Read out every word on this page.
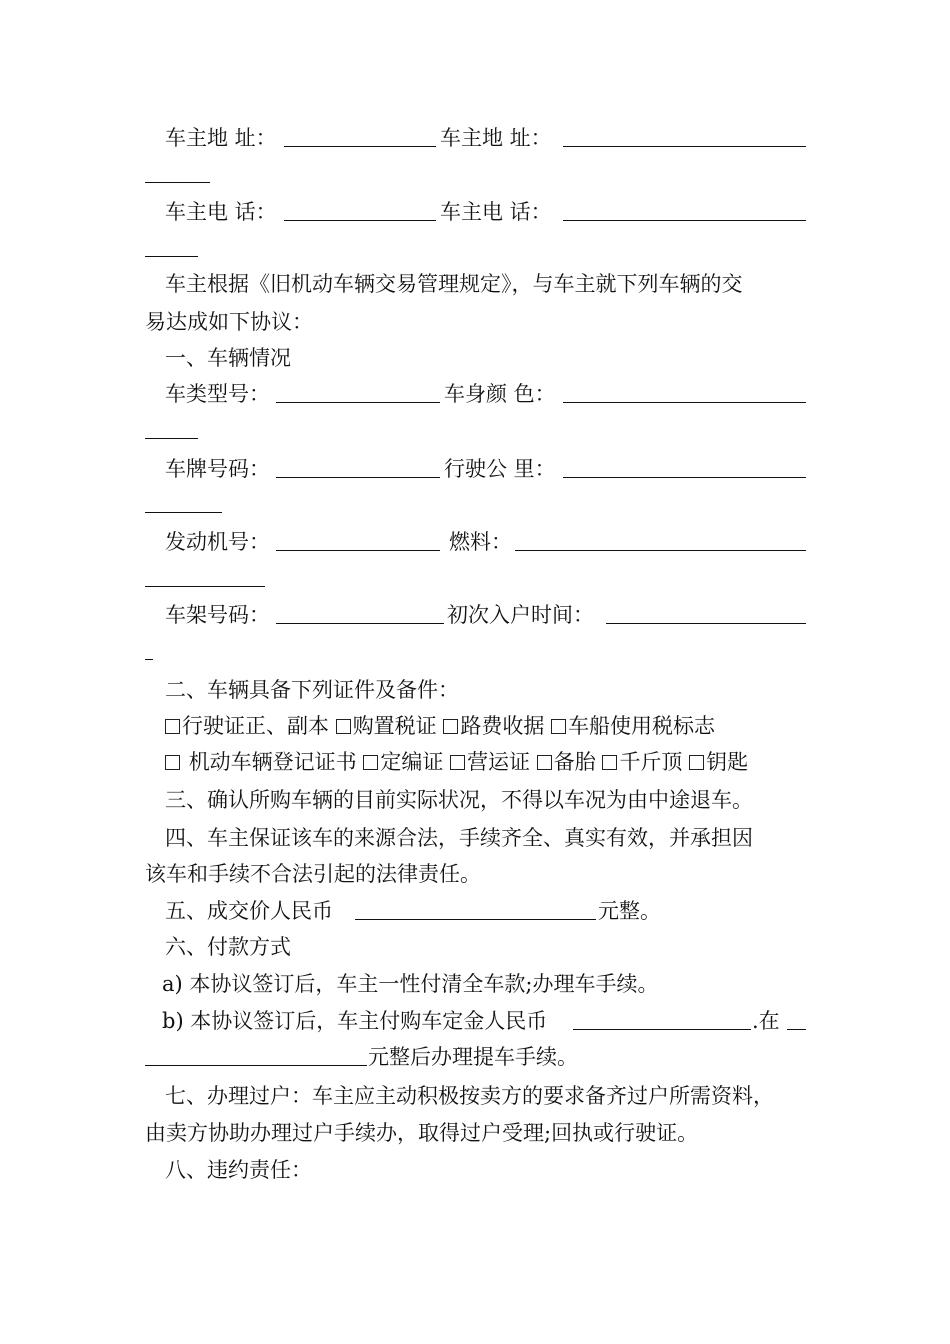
车主地 址：	车主地 址：
车主电 话：	车主电 话：
车主根据《旧机动车辆交易管理规定》，与车主就下列车辆的交
易达成如下协议：
一、车辆情况
车类型号：	车身颜 色：
车牌号码：	行驶公 里：
发动机号：	燃料：
车架号码：	初次入户时间：
二、车辆具备下列证件及备件：
行驶证正、副本 购置税证 路费收据 车船使用税标志
机动车辆登记证书 定编证 营运证 备胎 千斤顶 钥匙
三、确认所购车辆的目前实际状况，不得以车况为由中途退车。
四、车主保证该车的来源合法，手续齐全、真实有效，并承担因
该车和手续不合法引起的法律责任。
五、成交价人民币	元整。
六、付款方式
a) 本协议签订后，车主一性付清全车款;办理车手续。
b) 本协议签订后，车主付购车定金人民币	.在
元整后办理提车手续。
七、办理过户：车主应主动积极按卖方的要求备齐过户所需资料，
由卖方协助办理过户手续办，取得过户受理;回执或行驶证。
八、违约责任：
